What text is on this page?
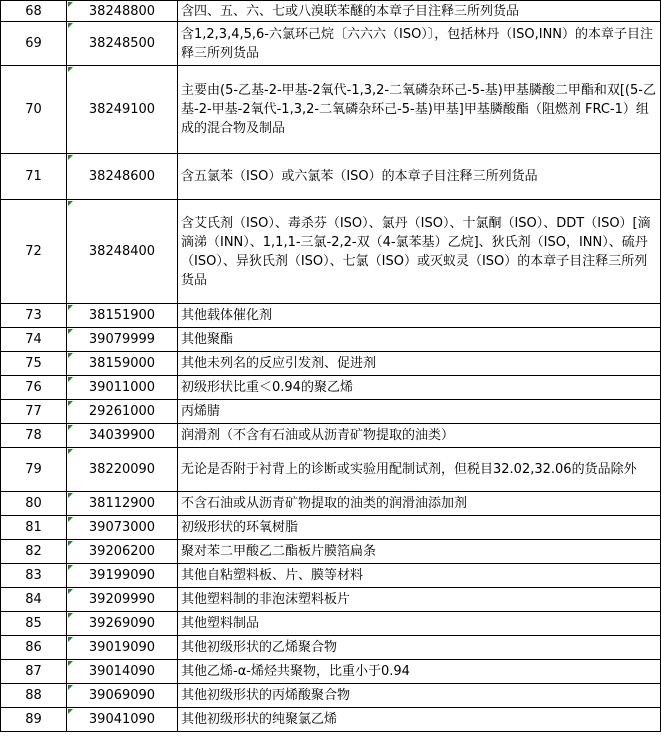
68	38248800	含四、五、六、七或八溴联苯醚的本章子目注释三所列货品
69	38248500	含1,2,3,4,5,6-六氯环己烷〔六六六（ISO）〕，包括林丹（ISO,INN）的本章子目注释三所列货品
70	38249100	主要由(5-乙基-2-甲基-2氧代-1,3,2-二氧磷杂环己-5-基)甲基膦酸二甲酯和双[(5-乙基-2-甲基-2氧代-1,3,2-二氧磷杂环己-5-基)甲基]甲基膦酸酯（阻燃剂 FRC-1）组成的混合物及制品
71	38248600	含五氯苯（ISO）或六氯苯（ISO）的本章子目注释三所列货品
72	38248400	含艾氏剂（ISO）、毒杀芬（ISO）、氯丹（ISO）、十氯酮（ISO）、DDT（ISO）[滴滴涕（INN）、1,1,1-三氯-2,2-双（4-氯苯基）乙烷]、狄氏剂（ISO，INN）、硫丹（ISO）、异狄氏剂（ISO）、七氯（ISO）或灭蚁灵（ISO）的本章子目注释三所列货品
73	38151900	其他载体催化剂
74	39079999	其他聚酯
75	38159000	其他未列名的反应引发剂、促进剂
76	39011000	初级形状比重＜0.94的聚乙烯
77	29261000	丙烯腈
78	34039900	润滑剂（不含有石油或从沥青矿物提取的油类）
79	38220090	无论是否附于衬背上的诊断或实验用配制试剂，但税目32.02,32.06的货品除外
80	38112900	不含石油或从沥青矿物提取的油类的润滑油添加剂
81	39073000	初级形状的环氧树脂
82	39206200	聚对苯二甲酸乙二酯板片膜箔扁条
83	39199090	其他自粘塑料板、片、膜等材料
84	39209990	其他塑料制的非泡沫塑料板片
85	39269090	其他塑料制品
86	39019090	其他初级形状的乙烯聚合物
87	39014090	其他乙烯-α-烯烃共聚物，比重小于0.94
88	39069090	其他初级形状的丙烯酸聚合物
89	39041090	其他初级形状的纯聚氯乙烯
